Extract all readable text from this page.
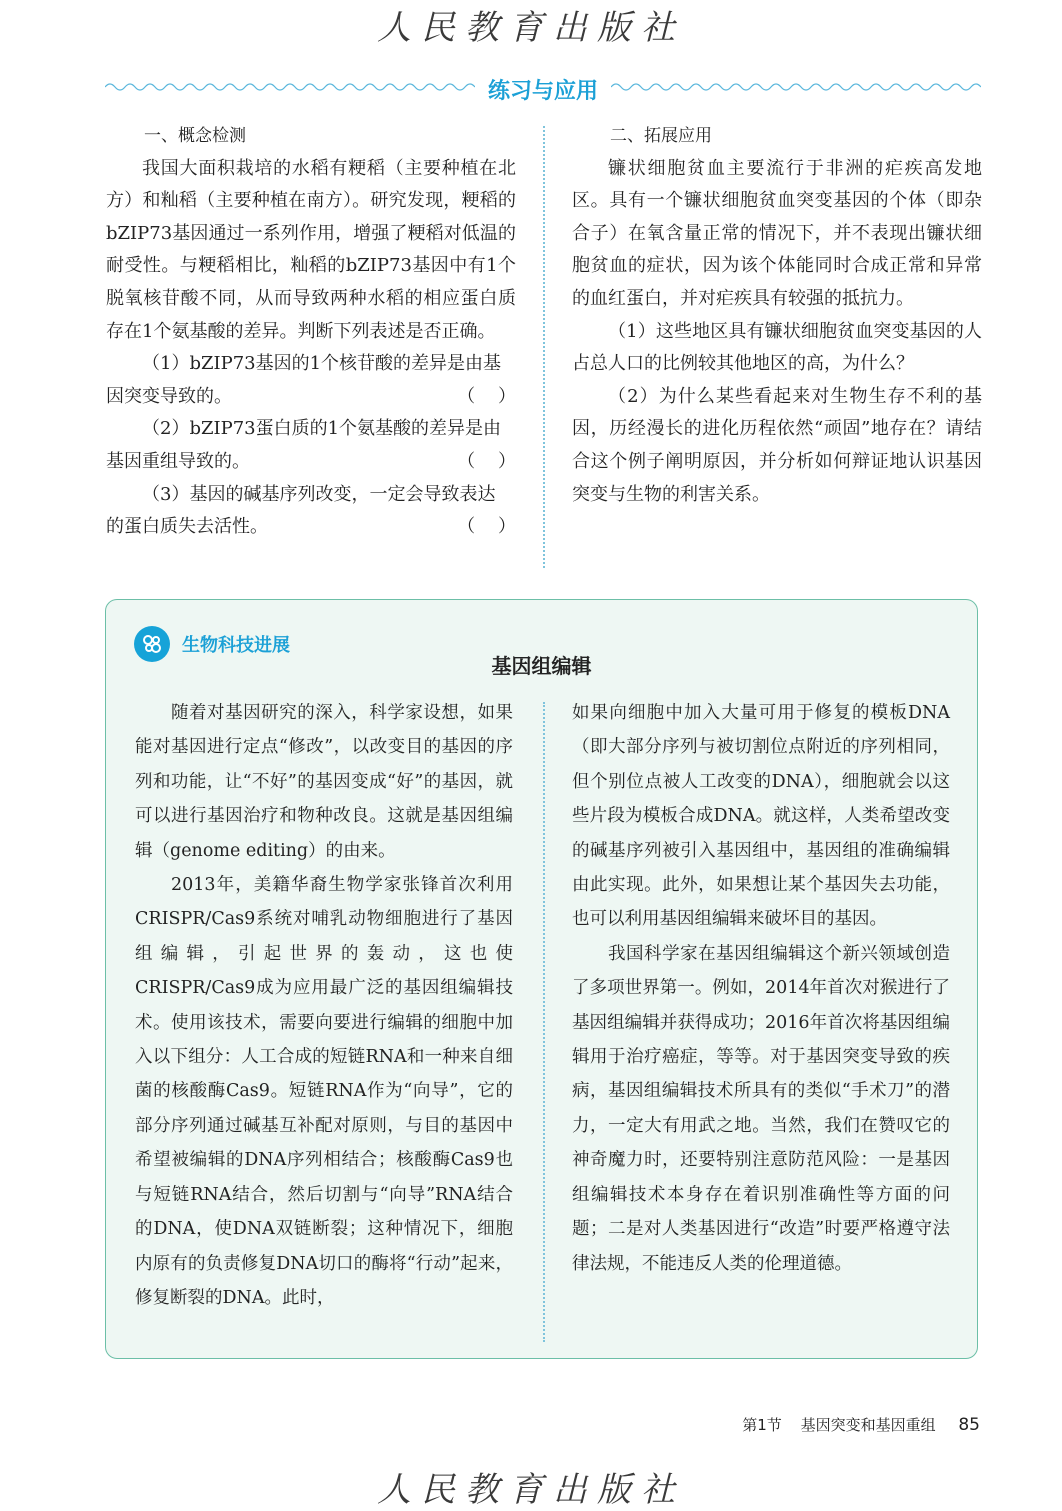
人民教育出版社
练习与应用

一、概念检测

我国大面积栽培的水稻有粳稻（主要种植在北方）和籼稻（主要种植在南方）。研究发现，粳稻的bZIP73基因通过一系列作用，增强了粳稻对低温的耐受性。与粳稻相比，籼稻的bZIP73基因中有1个脱氧核苷酸不同，从而导致两种水稻的相应蛋白质存在1个氨基酸的差异。判断下列表述是否正确。

（1）bZIP73基因的1个核苷酸的差异是由基

因突变导致的。	（    ）

（2）bZIP73蛋白质的1个氨基酸的差异是由

基因重组导致的。	（    ）

（3）基因的碱基序列改变，一定会导致表达

的蛋白质失去活性。	（    ）

二、拓展应用

镰状细胞贫血主要流行于非洲的疟疾高发地区。具有一个镰状细胞贫血突变基因的个体（即杂合子）在氧含量正常的情况下，并不表现出镰状细胞贫血的症状，因为该个体能同时合成正常和异常的血红蛋白，并对疟疾具有较强的抵抗力。

（1）这些地区具有镰状细胞贫血突变基因的人占总人口的比例较其他地区的高，为什么？

（2）为什么某些看起来对生物生存不利的基因，历经漫长的进化历程依然“顽固”地存在？请结合这个例子阐明原因，并分析如何辩证地认识基因突变与生物的利害关系。

生物科技进展
基因组编辑

随着对基因研究的深入，科学家设想，如果能对基因进行定点“修改”，以改变目的基因的序列和功能，让“不好”的基因变成“好”的基因，就可以进行基因治疗和物种改良。这就是基因组编辑（genome editing）的由来。

2013年，美籍华裔生物学家张锋首次利用CRISPR/Cas9系统对哺乳动物细胞进行了基因组编辑，引起世界的轰动，这也使CRISPR/Cas9成为应用最广泛的基因组编辑技术。使用该技术，需要向要进行编辑的细胞中加入以下组分：人工合成的短链RNA和一种来自细菌的核酸酶Cas9。短链RNA作为“向导”，它的部分序列通过碱基互补配对原则，与目的基因中希望被编辑的DNA序列相结合；核酸酶Cas9也与短链RNA结合，然后切割与“向导”RNA结合的DNA，使DNA双链断裂；这种情况下，细胞内原有的负责修复DNA切口的酶将“行动”起来，修复断裂的DNA。此时，

如果向细胞中加入大量可用于修复的模板DNA（即大部分序列与被切割位点附近的序列相同，但个别位点被人工改变的DNA），细胞就会以这些片段为模板合成DNA。就这样，人类希望改变的碱基序列被引入基因组中，基因组的准确编辑由此实现。此外，如果想让某个基因失去功能，也可以利用基因组编辑来破坏目的基因。

我国科学家在基因组编辑这个新兴领域创造了多项世界第一。例如，2014年首次对猴进行了基因组编辑并获得成功；2016年首次将基因组编辑用于治疗癌症，等等。对于基因突变导致的疾病，基因组编辑技术所具有的类似“手术刀”的潜力，一定大有用武之地。当然，我们在赞叹它的神奇魔力时，还要特别注意防范风险：一是基因组编辑技术本身存在着识别准确性等方面的问题；二是对人类基因进行“改造”时要严格遵守法律法规，不能违反人类的伦理道德。

第1节 基因突变和基因重组 85
人民教育出版社
